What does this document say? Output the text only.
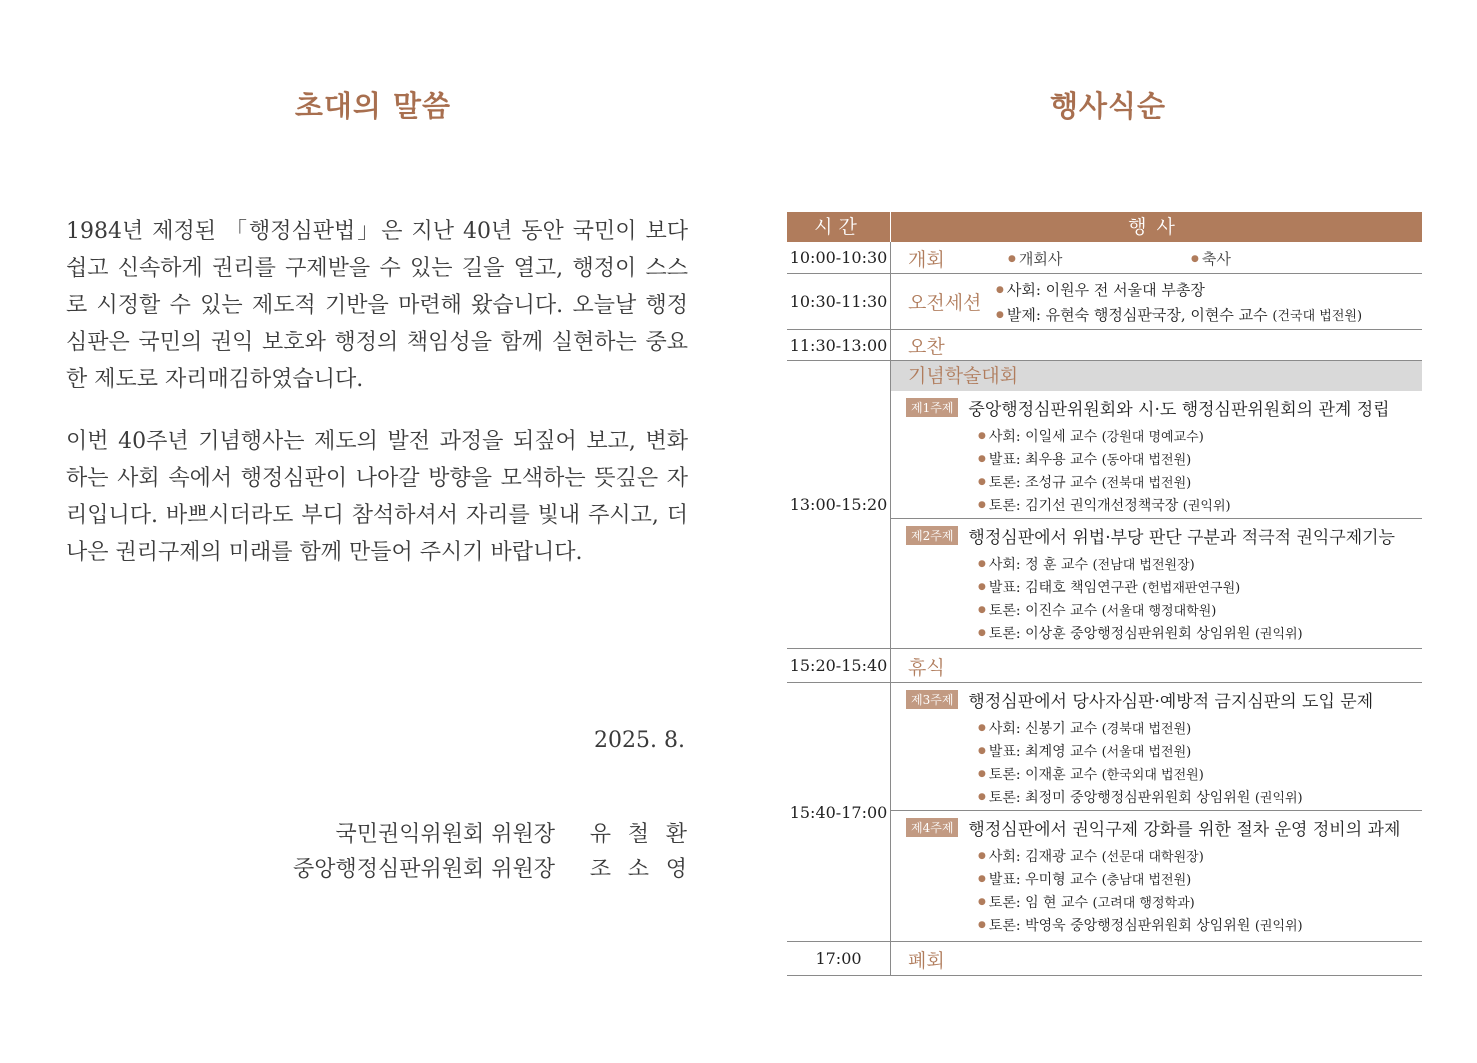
초대의 말씀

1984년 제정된 「행정심판법」은 지난 40년 동안 국민이 보다 쉽고 신속하게 권리를 구제받을 수 있는 길을 열고, 행정이 스스로 시정할 수 있는 제도적 기반을 마련해 왔습니다. 오늘날 행정심판은 국민의 권익 보호와 행정의 책임성을 함께 실현하는 중요한 제도로 자리매김하였습니다.

이번 40주년 기념행사는 제도의 발전 과정을 되짚어 보고, 변화하는 사회 속에서 행정심판이 나아갈 방향을 모색하는 뜻깊은 자리입니다. 바쁘시더라도 부디 참석하셔서 자리를 빛내 주시고, 더 나은 권리구제의 미래를 함께 만들어 주시기 바랍니다.

2025. 8.

국민권익위원회 위원장	유 철 환
중앙행정심판위원회 위원장	조 소 영
행사식순
시간	행사
10:00-10:30 개회	● 개회사	● 축사
10:30-11:30 오전세션
● 사회: 이원우 전 서울대 부총장
● 발제: 유현숙 행정심판국장, 이현수 교수 (건국대 법전원)
11:30-13:00 오찬
13:00-15:20
기념학술대회
제1주제 중앙행정심판위원회와 시·도 행정심판위원회의 관계 정립
● 사회: 이일세 교수 (강원대 명예교수)
● 발표: 최우용 교수 (동아대 법전원)
● 토론: 조성규 교수 (전북대 법전원)
● 토론: 김기선 권익개선정책국장 (권익위)
제2주제 행정심판에서 위법·부당 판단 구분과 적극적 권익구제기능
● 사회: 정 훈 교수 (전남대 법전원장)
● 발표: 김태호 책임연구관 (헌법재판연구원)
● 토론: 이진수 교수 (서울대 행정대학원)
● 토론: 이상훈 중앙행정심판위원회 상임위원 (권익위)
15:20-15:40 휴식
15:40-17:00
제3주제 행정심판에서 당사자심판·예방적 금지심판의 도입 문제
● 사회: 신봉기 교수 (경북대 법전원)
● 발표: 최계영 교수 (서울대 법전원)
● 토론: 이재훈 교수 (한국외대 법전원)
● 토론: 최정미 중앙행정심판위원회 상임위원 (권익위)
제4주제 행정심판에서 권익구제 강화를 위한 절차 운영 정비의 과제
● 사회: 김재광 교수 (선문대 대학원장)
● 발표: 우미형 교수 (충남대 법전원)
● 토론: 임 현 교수 (고려대 행정학과)
● 토론: 박영욱 중앙행정심판위원회 상임위원 (권익위)
17:00	폐회
